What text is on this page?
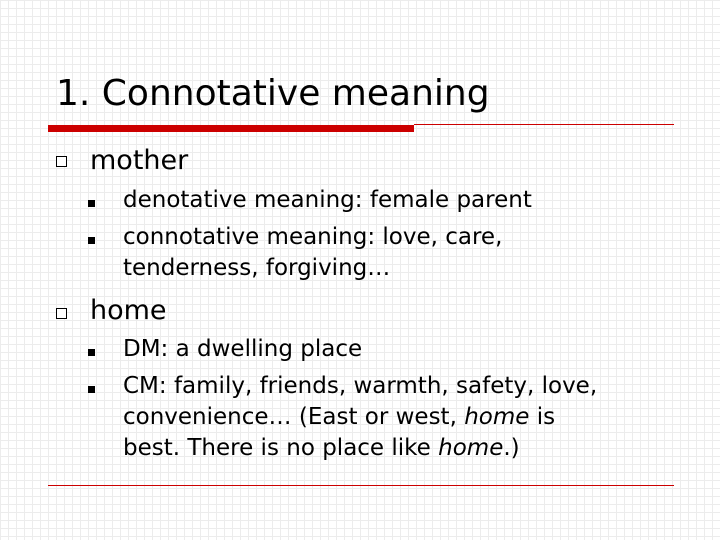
1. Connotative meaning
mother
denotative meaning: female parent
connotative meaning: love, care,
tenderness, forgiving…
home
DM: a dwelling place
CM: family, friends, warmth, safety, love,
convenience… (East or west, home is
best. There is no place like home.)
